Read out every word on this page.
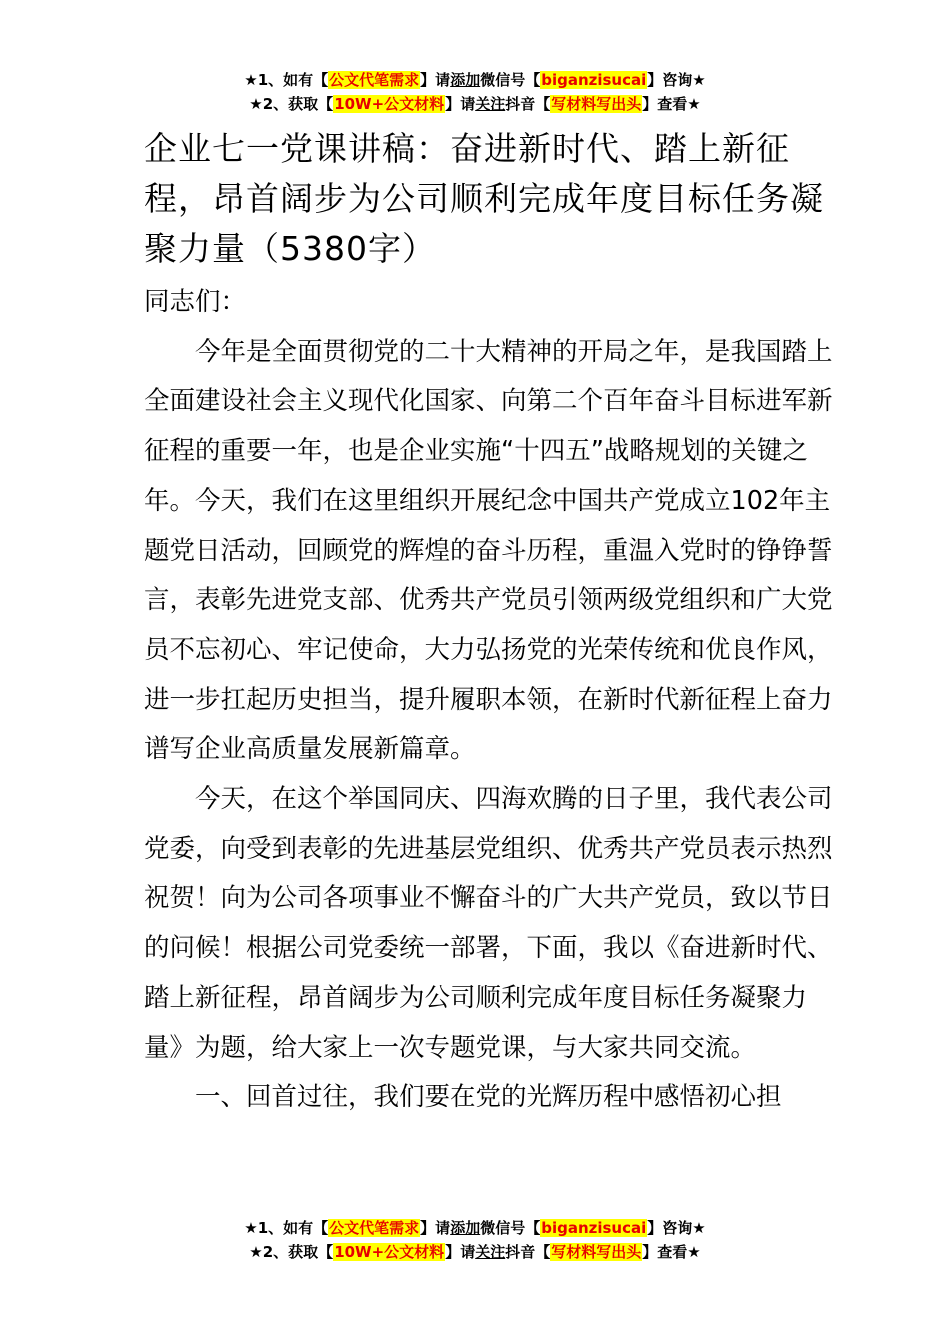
★1、如有【公文代笔需求】请添加微信号【biganzisucai】咨询★
★2、获取【10W+公文材料】请关注抖音【写材料写出头】查看★
企业七一党课讲稿：奋进新时代、踏上新征程，昂首阔步为公司顺利完成年度目标任务凝聚力量（5380字）

同志们：

今年是全面贯彻党的二十大精神的开局之年，是我国踏上全面建设社会主义现代化国家、向第二个百年奋斗目标进军新征程的重要一年，也是企业实施“十四五”战略规划的关键之年。今天，我们在这里组织开展纪念中国共产党成立102年主题党日活动，回顾党的辉煌的奋斗历程，重温入党时的铮铮誓言，表彰先进党支部、优秀共产党员引领两级党组织和广大党员不忘初心、牢记使命，大力弘扬党的光荣传统和优良作风，进一步扛起历史担当，提升履职本领，在新时代新征程上奋力谱写企业高质量发展新篇章。

今天，在这个举国同庆、四海欢腾的日子里，我代表公司党委，向受到表彰的先进基层党组织、优秀共产党员表示热烈祝贺！向为公司各项事业不懈奋斗的广大共产党员，致以节日的问候！根据公司党委统一部署，下面，我以《奋进新时代、踏上新征程，昂首阔步为公司顺利完成年度目标任务凝聚力量》为题，给大家上一次专题党课，与大家共同交流。

一、回首过往，我们要在党的光辉历程中感悟初心担

★1、如有【公文代笔需求】请添加微信号【biganzisucai】咨询★
★2、获取【10W+公文材料】请关注抖音【写材料写出头】查看★
